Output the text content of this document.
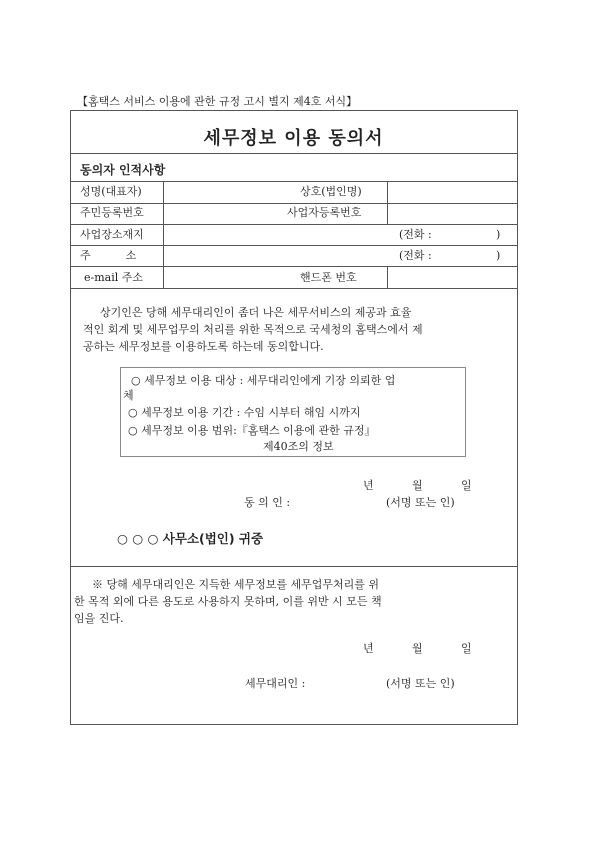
【홈택스 서비스 이용에 관한 규정 고시 별지 제4호 서식】
세무정보 이용 동의서
동의자 인적사항
성명(대표자)	상호(법인명)
주민등록번호	사업자등록번호
사업장소재지	(전화 :	)
주          소	(전화 :	)
e-mail 주소	핸드폰 번호
상기인은 당해 세무대리인이 좀더 나은 세무서비스의 제공과 효율
적인 회계 및 세무업무의 처리를 위한 목적으로 국세청의 홈택스에서 제
공하는 세무정보를 이용하도록 하는데 동의합니다.
○ 세무정보 이용 대상 : 세무대리인에게 기장 의뢰한 업
체
○ 세무정보 이용 기간 : 수임 시부터 해임 시까지
○ 세무정보 이용 범위:『홈택스 이용에 관한 규정』
제40조의 정보
년	월	일
동 의 인 :	(서명 또는 인)
○ ○ ○ 사무소(법인) 귀중
※ 당해 세무대리인은 지득한 세무정보를 세무업무처리를 위
한 목적 외에 다른 용도로 사용하지 못하며, 이를 위반 시 모든 책
임을 진다.
년	월	일
세무대리인 :	(서명 또는 인)
